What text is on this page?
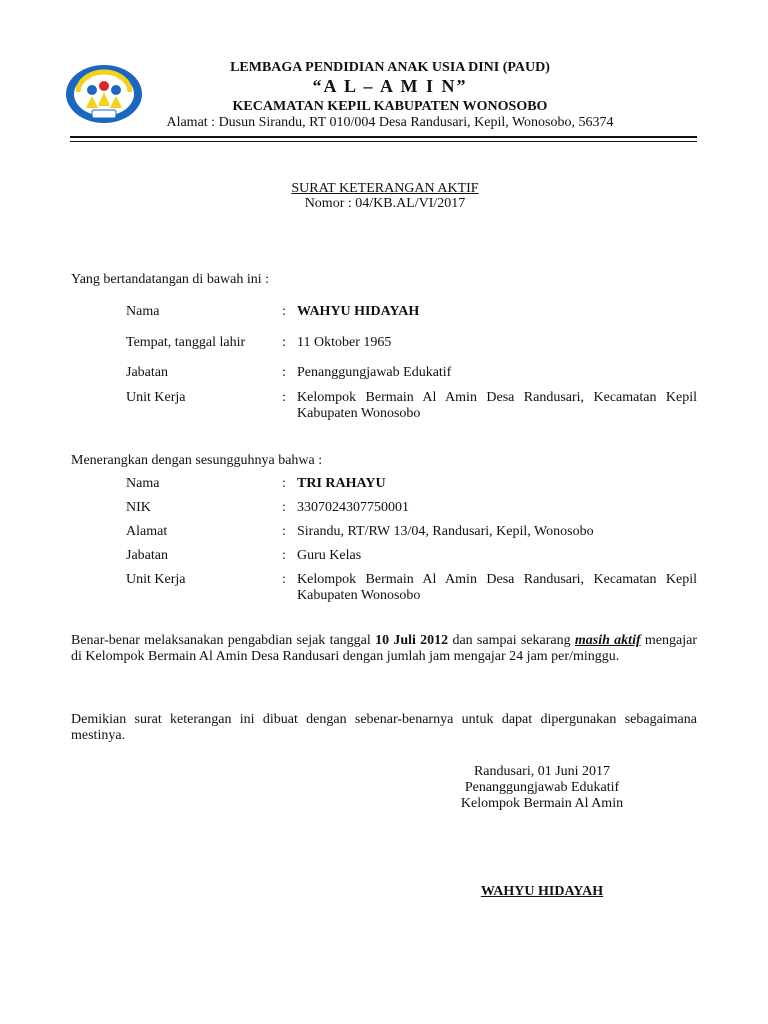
LEMBAGA PENDIDIAN ANAK USIA DINI (PAUD)
“A L – A M I N”
KECAMATAN KEPIL KABUPATEN WONOSOBO
Alamat : Dusun Sirandu, RT 010/004 Desa Randusari, Kepil, Wonosobo, 56374
SURAT KETERANGAN AKTIF
Nomor : 04/KB.AL/VI/2017
Yang bertandatangan di bawah ini :
Nama	: WAHYU HIDAYAH
Tempat, tanggal lahir	: 11 Oktober 1965
Jabatan	: Penanggungjawab Edukatif
Unit Kerja	: Kelompok Bermain Al Amin Desa Randusari, Kecamatan Kepil Kabupaten Wonosobo
Menerangkan dengan sesungguhnya bahwa :
Nama	: TRI RAHAYU
NIK	: 3307024307750001
Alamat	: Sirandu, RT/RW 13/04, Randusari, Kepil, Wonosobo
Jabatan	: Guru Kelas
Unit Kerja	: Kelompok Bermain Al Amin Desa Randusari, Kecamatan Kepil Kabupaten Wonosobo
Benar-benar melaksanakan pengabdian sejak tanggal 10 Juli 2012 dan sampai sekarang masih aktif mengajar di Kelompok Bermain Al Amin Desa Randusari dengan jumlah jam mengajar 24 jam per/minggu.
Demikian surat keterangan ini dibuat dengan sebenar-benarnya untuk dapat dipergunakan sebagaimana mestinya.
Randusari, 01 Juni 2017
Penanggungjawab Edukatif
Kelompok Bermain Al Amin
WAHYU HIDAYAH
